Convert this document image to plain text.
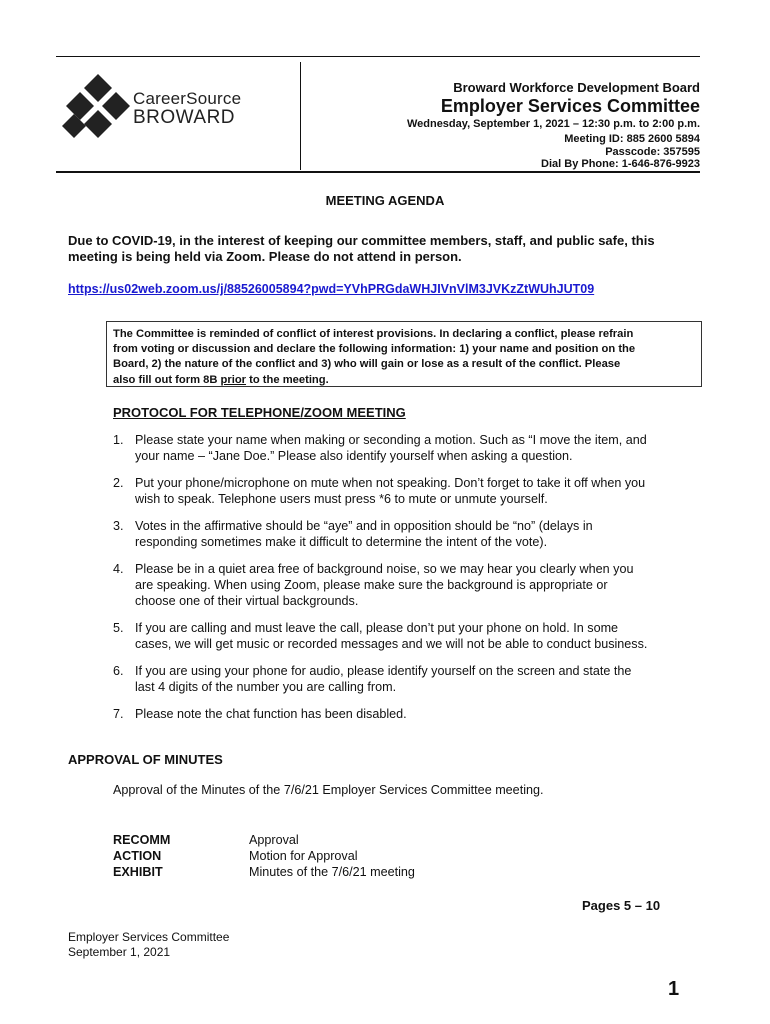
CareerSource
BROWARD
Broward Workforce Development Board
Employer Services Committee
Wednesday, September 1, 2021 – 12:30 p.m. to 2:00 p.m.
Meeting ID: 885 2600 5894
Passcode: 357595
Dial By Phone: 1-646-876-9923
MEETING AGENDA
Due to COVID-19, in the interest of keeping our committee members, staff, and public safe, this
meeting is being held via Zoom. Please do not attend in person.
https://us02web.zoom.us/j/88526005894?pwd=YVhPRGdaWHJIVnVlM3JVKzZtWUhJUT09
The Committee is reminded of conflict of interest provisions. In declaring a conflict, please refrain
from voting or discussion and declare the following information: 1) your name and position on the
Board, 2) the nature of the conflict and 3) who will gain or lose as a result of the conflict. Please
also fill out form 8B prior to the meeting.
PROTOCOL FOR TELEPHONE/ZOOM MEETING
1. Please state your name when making or seconding a motion. Such as “I move the item, and
your name – “Jane Doe.” Please also identify yourself when asking a question.
2. Put your phone/microphone on mute when not speaking. Don’t forget to take it off when you
wish to speak. Telephone users must press *6 to mute or unmute yourself.
3. Votes in the affirmative should be “aye” and in opposition should be “no” (delays in
responding sometimes make it difficult to determine the intent of the vote).
4. Please be in a quiet area free of background noise, so we may hear you clearly when you
are speaking. When using Zoom, please make sure the background is appropriate or
choose one of their virtual backgrounds.
5. If you are calling and must leave the call, please don’t put your phone on hold. In some
cases, we will get music or recorded messages and we will not be able to conduct business.
6. If you are using your phone for audio, please identify yourself on the screen and state the
last 4 digits of the number you are calling from.
7. Please note the chat function has been disabled.
APPROVAL OF MINUTES
Approval of the Minutes of the 7/6/21 Employer Services Committee meeting.
RECOMM
ACTION
EXHIBIT
Approval
Motion for Approval
Minutes of the 7/6/21 meeting
Pages 5 – 10
Employer Services Committee
September 1, 2021
1
